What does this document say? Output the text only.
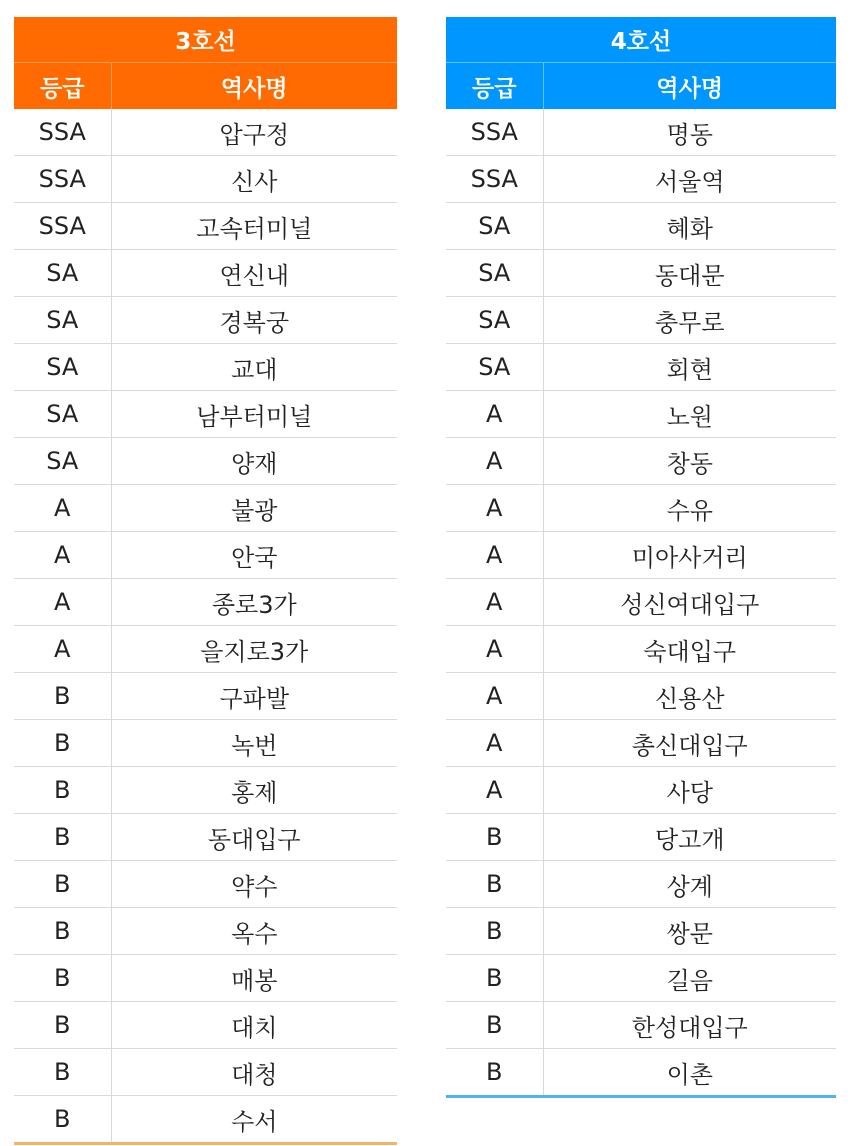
3호선	
등급	역사명
SSA	압구정
SSA	신사
SSA	고속터미널
SA	연신내
SA	경복궁
SA	교대
SA	남부터미널
SA	양재
A	불광
A	안국
A	종로3가
A	을지로3가
B	구파발
B	녹번
B	홍제
B	동대입구
B	약수
B	옥수
B	매봉
B	대치
B	대청
B	수서
4호선	
등급	역사명
SSA	명동
SSA	서울역
SA	혜화
SA	동대문
SA	충무로
SA	회현
A	노원
A	창동
A	수유
A	미아사거리
A	성신여대입구
A	숙대입구
A	신용산
A	총신대입구
A	사당
B	당고개
B	상계
B	쌍문
B	길음
B	한성대입구
B	이촌
